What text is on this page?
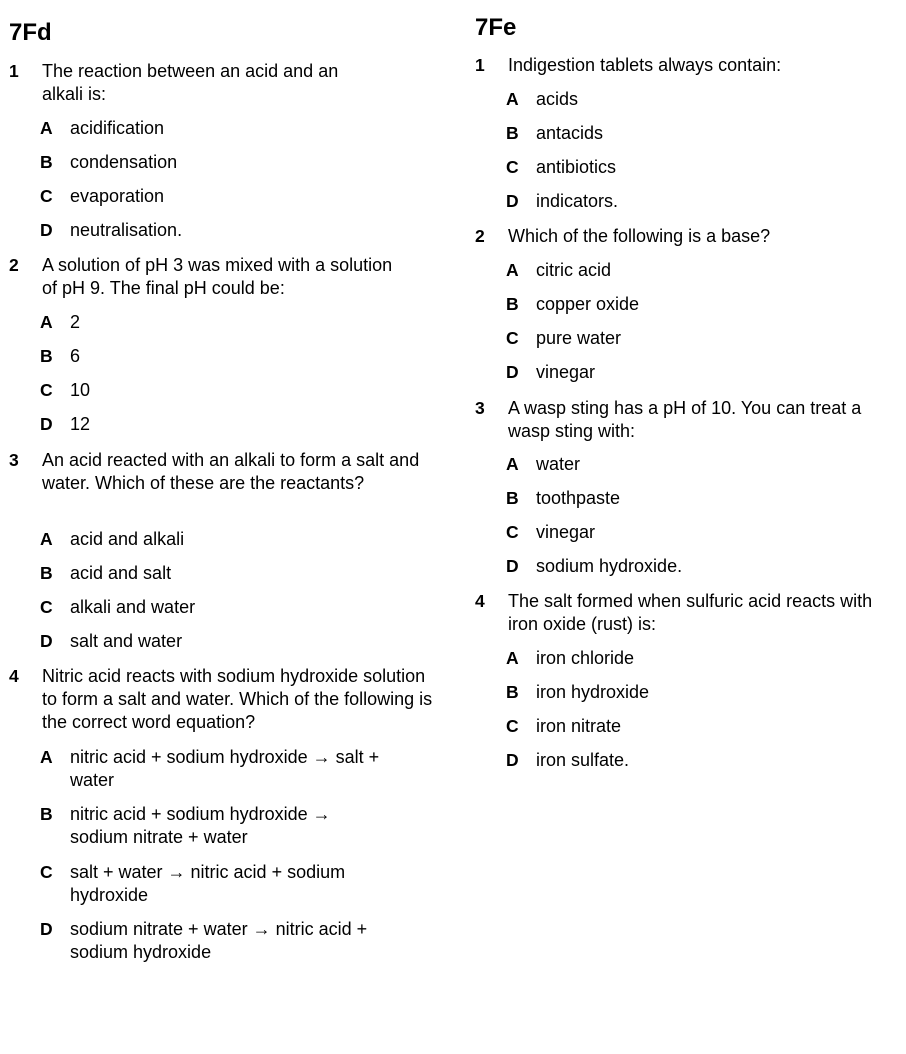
7Fd
1 The reaction between an acid and an alkali is:
A acidification
B condensation
C evaporation
D neutralisation.
2 A solution of pH 3 was mixed with a solution of pH 9. The final pH could be:
A 2
B 6
C 10
D 12
3 An acid reacted with an alkali to form a salt and water. Which of these are the reactants?
A acid and alkali
B acid and salt
C alkali and water
D salt and water
4 Nitric acid reacts with sodium hydroxide solution to form a salt and water. Which of the following is the correct word equation?
A nitric acid + sodium hydroxide → salt + water
B nitric acid + sodium hydroxide → sodium nitrate + water
C salt + water → nitric acid + sodium hydroxide
D sodium nitrate + water → nitric acid + sodium hydroxide
7Fe
1 Indigestion tablets always contain:
A acids
B antacids
C antibiotics
D indicators.
2 Which of the following is a base?
A citric acid
B copper oxide
C pure water
D vinegar
3 A wasp sting has a pH of 10. You can treat a wasp sting with:
A water
B toothpaste
C vinegar
D sodium hydroxide.
4 The salt formed when sulfuric acid reacts with iron oxide (rust) is:
A iron chloride
B iron hydroxide
C iron nitrate
D iron sulfate.
